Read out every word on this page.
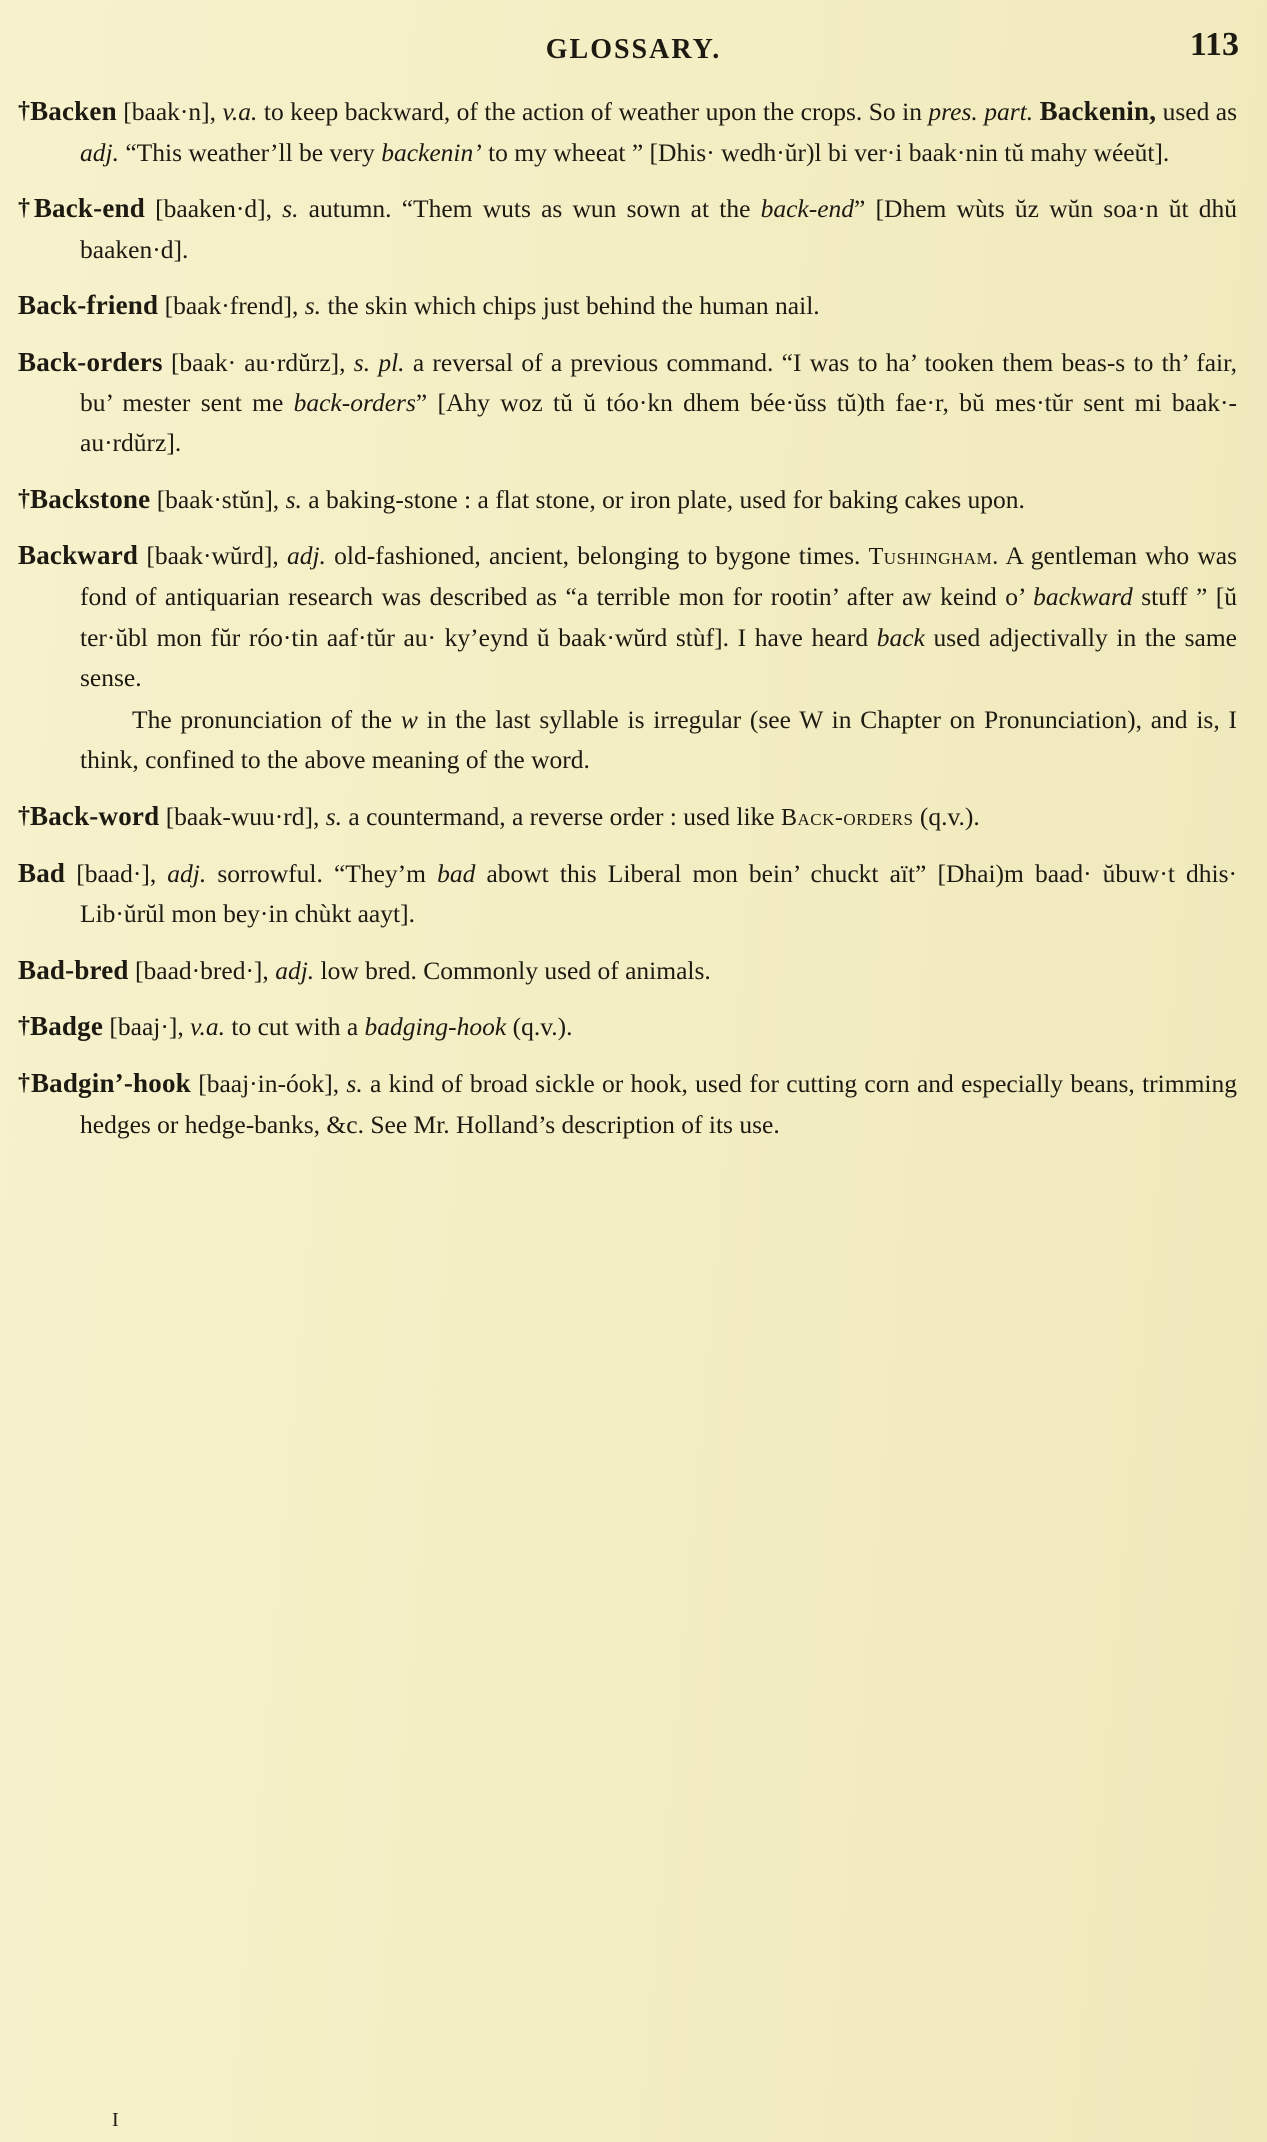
GLOSSARY.	113
†Backen [baak·n], v.a. to keep backward, of the action of weather upon the crops. So in pres. part. Backenin, used as adj. “This weather’ll be very backenin’ to my wheeat ” [Dhis· wedh·ŭr)l bi ver·i baak·nin tŭ mahy wéeŭt].
†Back-end [baaken·d], s. autumn. “Them wuts as wun sown at the back-end” [Dhem wùts ŭz wŭn soa·n ŭt dhŭ baaken·d].
Back-friend [baak·frend], s. the skin which chips just behind the human nail.
Back-orders [baak· au·rdŭrz], s. pl. a reversal of a previous command. “I was to ha’ tooken them beas-s to th’ fair, bu’ mester sent me back-orders” [Ahy woz tŭ ŭ tóo·kn dhem bée·ŭss tŭ)th fae·r, bŭ mes·tŭr sent mi baak·-au·rdŭrz].
†Backstone [baak·stŭn], s. a baking-stone : a flat stone, or iron plate, used for baking cakes upon.
Backward [baak·wŭrd], adj. old-fashioned, ancient, belonging to bygone times. Tushingham. A gentleman who was fond of antiquarian research was described as “a terrible mon for rootin’ after aw keind o’ backward stuff ” [ŭ ter·ŭbl mon fŭr róo·tin aaf·tŭr au· ky’eynd ŭ baak·wŭrd stùf]. I have heard back used adjectivally in the same sense.
The pronunciation of the w in the last syllable is irregular (see W in Chapter on Pronunciation), and is, I think, confined to the above meaning of the word.
†Back-word [baak-wuu·rd], s. a countermand, a reverse order : used like Back-orders (q.v.).
Bad [baad·], adj. sorrowful. “They’m bad abowt this Liberal mon bein’ chuckt aït” [Dhai)m baad· ŭbuw·t dhis· Lib·ŭrŭl mon bey·in chùkt aayt].
Bad-bred [baad·bred·], adj. low bred. Commonly used of animals.
†Badge [baaj·], v.a. to cut with a badging-hook (q.v.).
†Badgin’-hook [baaj·in-óok], s. a kind of broad sickle or hook, used for cutting corn and especially beans, trimming hedges or hedge-banks, &c. See Mr. Holland’s description of its use.
I
